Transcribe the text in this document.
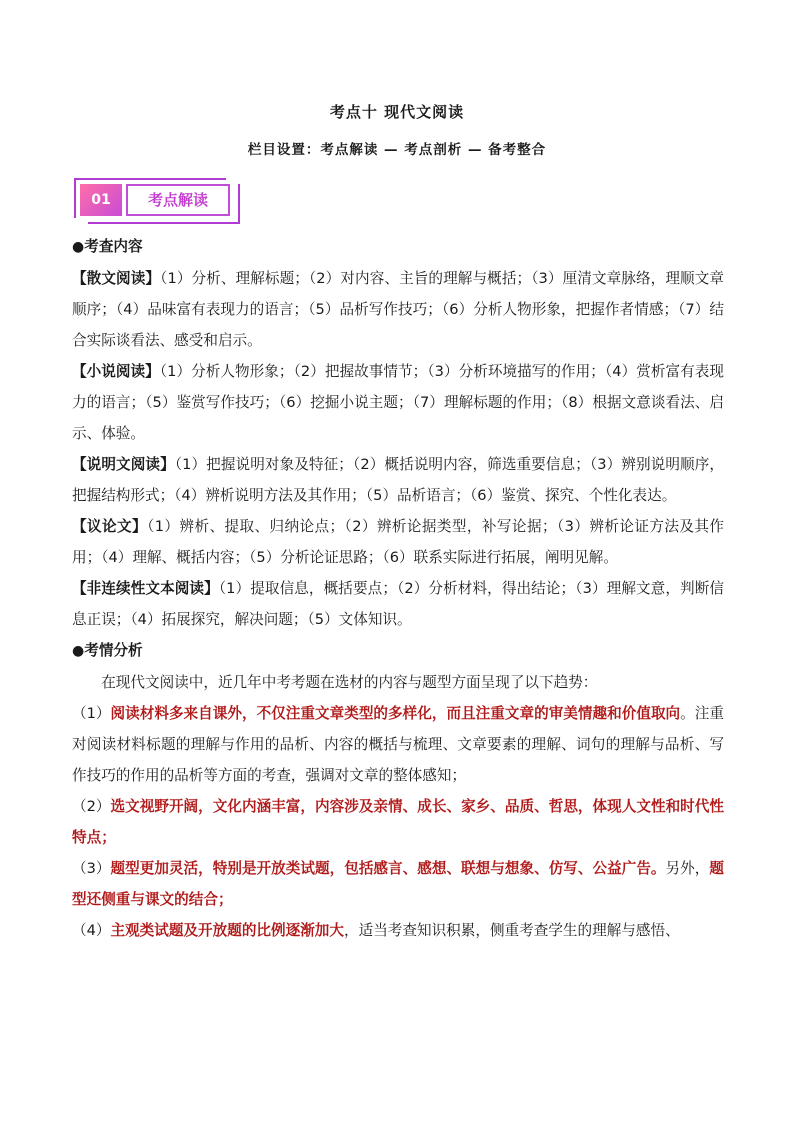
考点十 现代文阅读
栏目设置：考点解读 — 考点剖析 — 备考整合
01	考点解读

●考查内容

【散文阅读】（1）分析、理解标题；（2）对内容、主旨的理解与概括；（3）厘清文章脉络，理顺文章顺序；（4）品味富有表现力的语言；（5）品析写作技巧；（6）分析人物形象，把握作者情感；（7）结合实际谈看法、感受和启示。

【小说阅读】（1）分析人物形象；（2）把握故事情节；（3）分析环境描写的作用；（4）赏析富有表现力的语言；（5）鉴赏写作技巧；（6）挖掘小说主题；（7）理解标题的作用；（8）根据文意谈看法、启示、体验。

【说明文阅读】（1）把握说明对象及特征；（2）概括说明内容，筛选重要信息；（3）辨别说明顺序，把握结构形式；（4）辨析说明方法及其作用；（5）品析语言；（6）鉴赏、探究、个性化表达。

【议论文】（1）辨析、提取、归纳论点；（2）辨析论据类型，补写论据；（3）辨析论证方法及其作用；（4）理解、概括内容；（5）分析论证思路；（6）联系实际进行拓展，阐明见解。

【非连续性文本阅读】（1）提取信息，概括要点；（2）分析材料，得出结论；（3）理解文意，判断信息正误；（4）拓展探究，解决问题；（5）文体知识。

●考情分析

在现代文阅读中，近几年中考考题在选材的内容与题型方面呈现了以下趋势：

（1）阅读材料多来自课外，不仅注重文章类型的多样化，而且注重文章的审美情趣和价值取向。注重对阅读材料标题的理解与作用的品析、内容的概括与梳理、文章要素的理解、词句的理解与品析、写作技巧的作用的品析等方面的考查，强调对文章的整体感知；

（2）选文视野开阔，文化内涵丰富，内容涉及亲情、成长、家乡、品质、哲思，体现人文性和时代性特点；

（3）题型更加灵活，特别是开放类试题，包括感言、感想、联想与想象、仿写、公益广告。另外，题型还侧重与课文的结合；

（4）主观类试题及开放题的比例逐渐加大，适当考查知识积累，侧重考查学生的理解与感悟、
